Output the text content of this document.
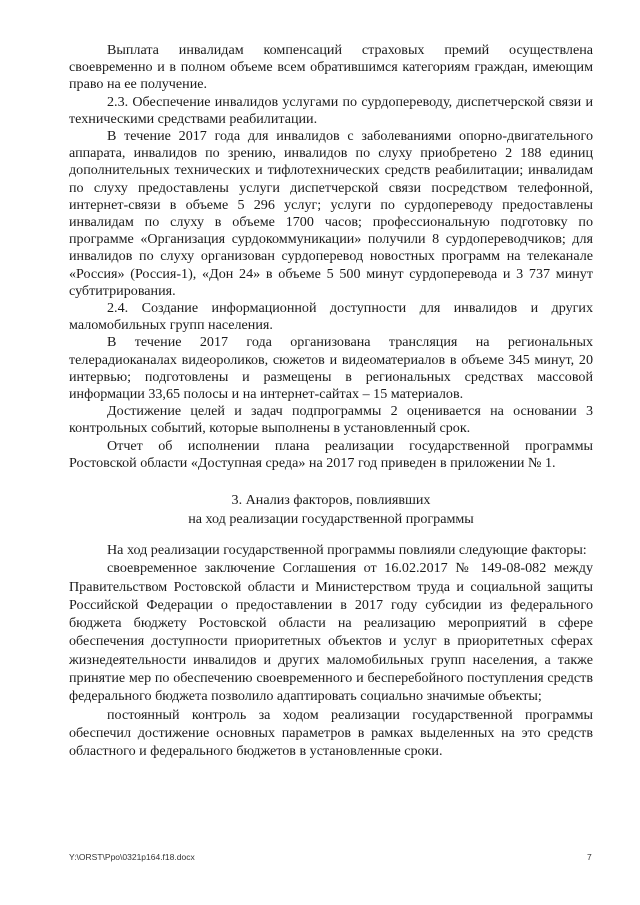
Выплата инвалидам компенсаций страховых премий осуществлена своевременно и в полном объеме всем обратившимся категориям граждан, имеющим право на ее получение.

2.3. Обеспечение инвалидов услугами по сурдопереводу, диспетчерской связи и техническими средствами реабилитации.

В течение 2017 года для инвалидов с заболеваниями опорно-двигательного аппарата, инвалидов по зрению, инвалидов по слуху приобретено 2 188 единиц дополнительных технических и тифлотехнических средств реабилитации; инвалидам по слуху предоставлены услуги диспетчерской связи посредством телефонной, интернет-связи в объеме 5 296 услуг; услуги по сурдопереводу предоставлены инвалидам по слуху в объеме 1700 часов; профессиональную подготовку по программе «Организация сурдокоммуникации» получили 8 сурдопереводчиков; для инвалидов по слуху организован сурдоперевод новостных программ на телеканале «Россия» (Россия-1), «Дон 24» в объеме 5 500 минут сурдоперевода и 3 737 минут субтитрирования.

2.4. Создание информационной доступности для инвалидов и других маломобильных групп населения.

В течение 2017 года организована трансляция на региональных телерадиоканалах видеороликов, сюжетов и видеоматериалов в объеме 345 минут, 20 интервью; подготовлены и размещены в региональных средствах массовой информации 33,65 полосы и на интернет-сайтах – 15 материалов.

Достижение целей и задач подпрограммы 2 оценивается на основании 3 контрольных событий, которые выполнены в установленный срок.

Отчет об исполнении плана реализации государственной программы Ростовской области «Доступная среда» на 2017 год приведен в приложении № 1.

3. Анализ факторов, повлиявших
на ход реализации государственной программы

На ход реализации государственной программы повлияли следующие факторы:

своевременное заключение Соглашения от 16.02.2017 № 149-08-082 между Правительством Ростовской области и Министерством труда и социальной защиты Российской Федерации о предоставлении в 2017 году субсидии из федерального бюджета бюджету Ростовской области на реализацию мероприятий в сфере обеспечения доступности приоритетных объектов и услуг в приоритетных сферах жизнедеятельности инвалидов и других маломобильных групп населения, а также принятие мер по обеспечению своевременного и бесперебойного поступления средств федерального бюджета позволило адаптировать социально значимые объекты;

постоянный контроль за ходом реализации государственной программы обеспечил достижение основных параметров в рамках выделенных на это средств областного и федерального бюджетов в установленные сроки.

Y:\ORST\Ppo\0321p164.f18.docx	7
